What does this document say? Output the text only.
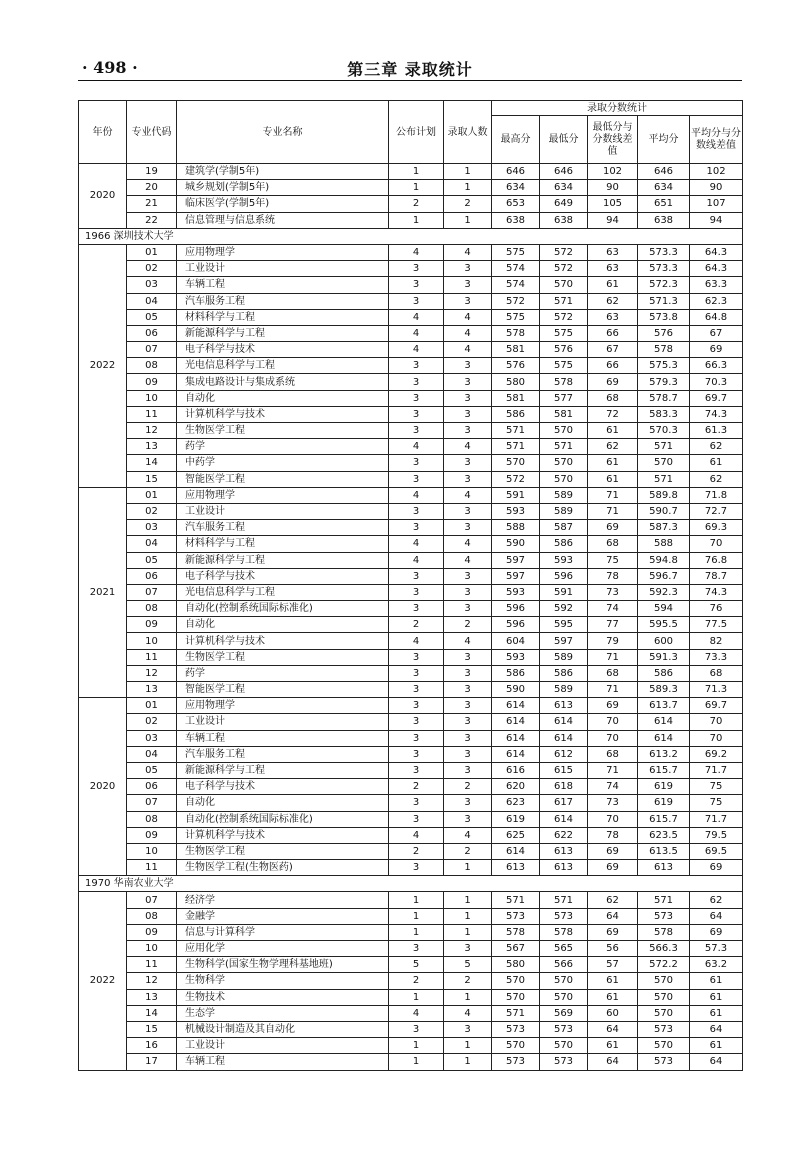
· 498 ·	第三章 录取统计
年份	专业代码	专业名称	公布计划	录取人数	录取分数统计				
					最高分	最低分	最低分与分数线差值	平均分	平均分与分数线差值
2020	19	建筑学(学制5年)	1	1	646	646	102	646	102
	20	城乡规划(学制5年)	1	1	634	634	90	634	90
	21	临床医学(学制5年)	2	2	653	649	105	651	107
	22	信息管理与信息系统	1	1	638	638	94	638	94
1966 深圳技术大学									
2022	01	应用物理学	4	4	575	572	63	573.3	64.3
	02	工业设计	3	3	574	572	63	573.3	64.3
	03	车辆工程	3	3	574	570	61	572.3	63.3
	04	汽车服务工程	3	3	572	571	62	571.3	62.3
	05	材料科学与工程	4	4	575	572	63	573.8	64.8
	06	新能源科学与工程	4	4	578	575	66	576	67
	07	电子科学与技术	4	4	581	576	67	578	69
	08	光电信息科学与工程	3	3	576	575	66	575.3	66.3
	09	集成电路设计与集成系统	3	3	580	578	69	579.3	70.3
	10	自动化	3	3	581	577	68	578.7	69.7
	11	计算机科学与技术	3	3	586	581	72	583.3	74.3
	12	生物医学工程	3	3	571	570	61	570.3	61.3
	13	药学	4	4	571	571	62	571	62
	14	中药学	3	3	570	570	61	570	61
	15	智能医学工程	3	3	572	570	61	571	62
2021	01	应用物理学	4	4	591	589	71	589.8	71.8
	02	工业设计	3	3	593	589	71	590.7	72.7
	03	汽车服务工程	3	3	588	587	69	587.3	69.3
	04	材料科学与工程	4	4	590	586	68	588	70
	05	新能源科学与工程	4	4	597	593	75	594.8	76.8
	06	电子科学与技术	3	3	597	596	78	596.7	78.7
	07	光电信息科学与工程	3	3	593	591	73	592.3	74.3
	08	自动化(控制系统国际标准化)	3	3	596	592	74	594	76
	09	自动化	2	2	596	595	77	595.5	77.5
	10	计算机科学与技术	4	4	604	597	79	600	82
	11	生物医学工程	3	3	593	589	71	591.3	73.3
	12	药学	3	3	586	586	68	586	68
	13	智能医学工程	3	3	590	589	71	589.3	71.3
2020	01	应用物理学	3	3	614	613	69	613.7	69.7
	02	工业设计	3	3	614	614	70	614	70
	03	车辆工程	3	3	614	614	70	614	70
	04	汽车服务工程	3	3	614	612	68	613.2	69.2
	05	新能源科学与工程	3	3	616	615	71	615.7	71.7
	06	电子科学与技术	2	2	620	618	74	619	75
	07	自动化	3	3	623	617	73	619	75
	08	自动化(控制系统国际标准化)	3	3	619	614	70	615.7	71.7
	09	计算机科学与技术	4	4	625	622	78	623.5	79.5
	10	生物医学工程	2	2	614	613	69	613.5	69.5
	11	生物医学工程(生物医药)	3	1	613	613	69	613	69
1970 华南农业大学									
2022	07	经济学	1	1	571	571	62	571	62
	08	金融学	1	1	573	573	64	573	64
	09	信息与计算科学	1	1	578	578	69	578	69
	10	应用化学	3	3	567	565	56	566.3	57.3
	11	生物科学(国家生物学理科基地班)	5	5	580	566	57	572.2	63.2
	12	生物科学	2	2	570	570	61	570	61
	13	生物技术	1	1	570	570	61	570	61
	14	生态学	4	4	571	569	60	570	61
	15	机械设计制造及其自动化	3	3	573	573	64	573	64
	16	工业设计	1	1	570	570	61	570	61
	17	车辆工程	1	1	573	573	64	573	64
